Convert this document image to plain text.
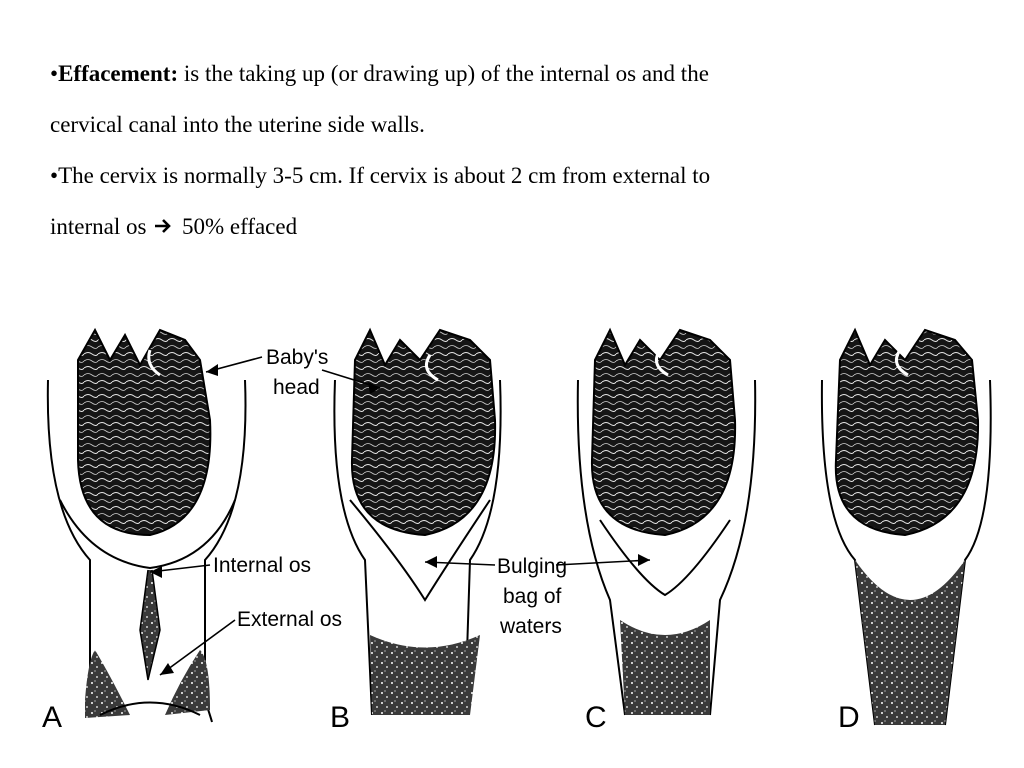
•Effacement: is the taking up (or drawing up) of the internal os and the
cervical canal into the uterine side walls.
•The cervix is normally 3-5 cm. If cervix is about 2 cm from external to
internal os 50% effaced
A	B	C	D
Baby's
head
Internal os
External os
Bulging
bag of
waters
